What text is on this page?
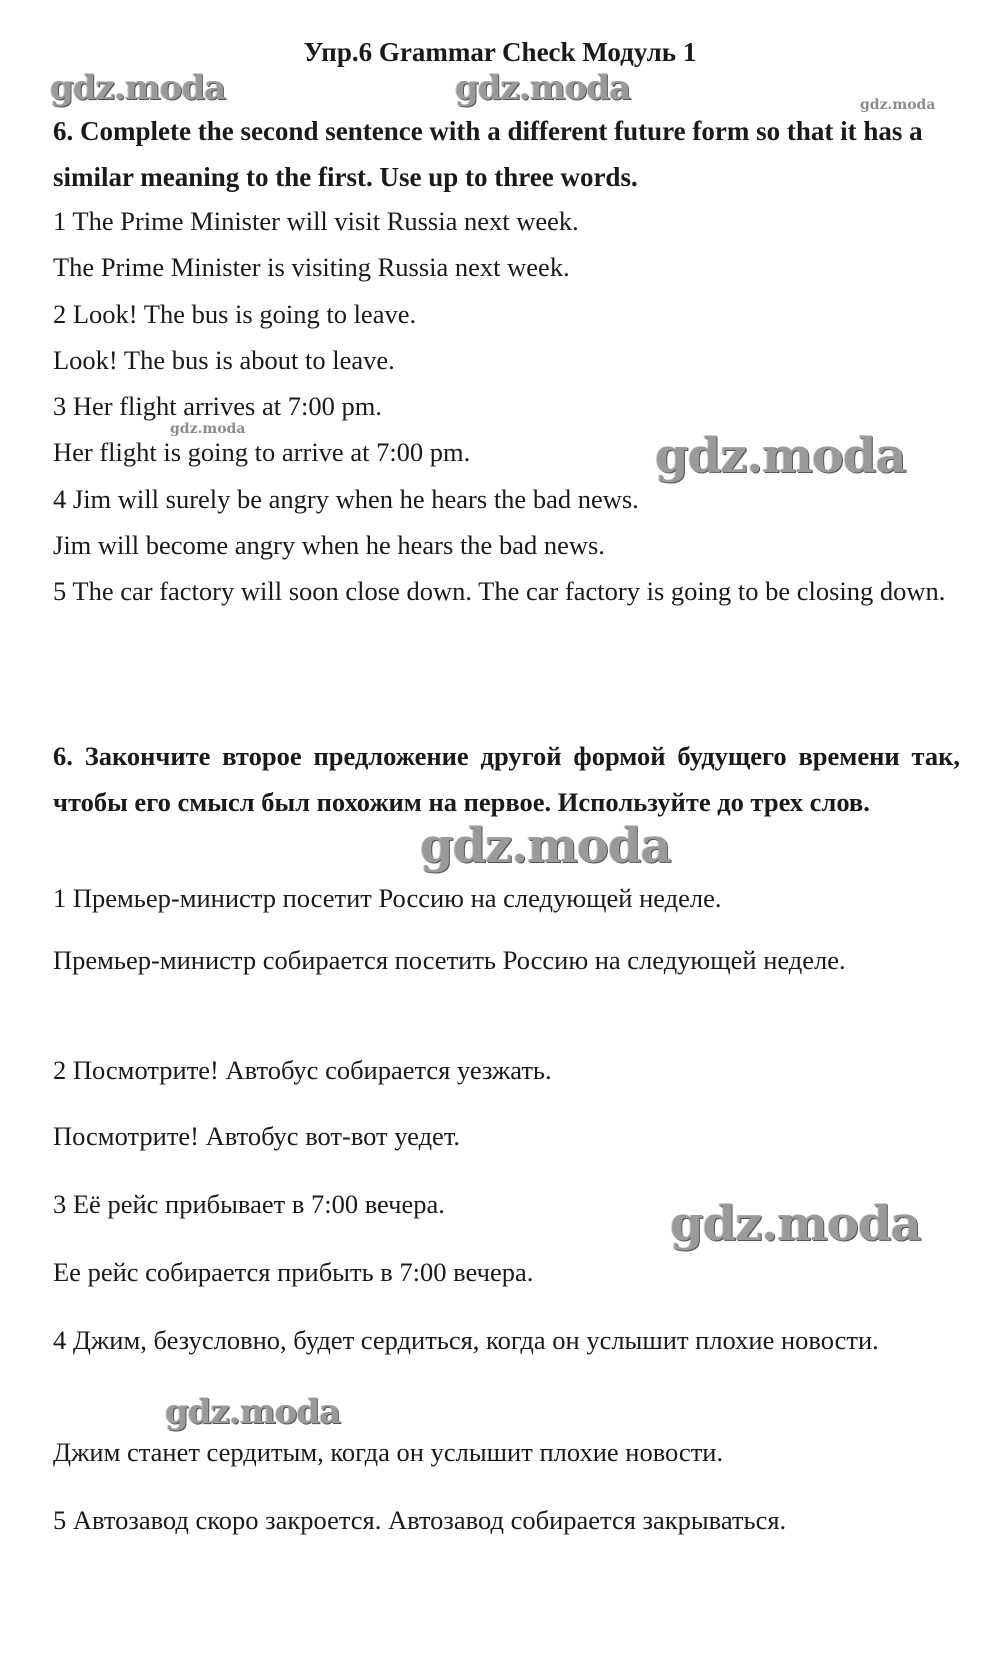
Упр.6 Grammar Check Модуль 1
6. Complete the second sentence with a different future form so that it has a similar meaning to the first. Use up to three words.

1 The Prime Minister will visit Russia next week.

The Prime Minister is visiting Russia next week.

2 Look! The bus is going to leave.

Look! The bus is about to leave.

3 Her flight arrives at 7:00 pm.

Her flight is going to arrive at 7:00 pm.

4 Jim will surely be angry when he hears the bad news.

Jim will become angry when he hears the bad news.

5 The car factory will soon close down. The car factory is going to be closing down.

6. Закончите второе предложение другой формой будущего времени так, чтобы его смысл был похожим на первое. Используйте до трех слов.

1 Премьер-министр посетит Россию на следующей неделе.

Премьер-министр собирается посетить Россию на следующей неделе.

2 Посмотрите! Автобус собирается уезжать.

Посмотрите! Автобус вот-вот уедет.

3 Её рейс прибывает в 7:00 вечера.

Ее рейс собирается прибыть в 7:00 вечера.

4 Джим, безусловно, будет сердиться, когда он услышит плохие новости.

Джим станет сердитым, когда он услышит плохие новости.

5 Автозавод скоро закроется. Автозавод собирается закрываться.

gdz.moda	gdz.moda	gdz.moda
gdz.moda	gdz.moda
gdz.moda
gdz.moda
gdz.moda
